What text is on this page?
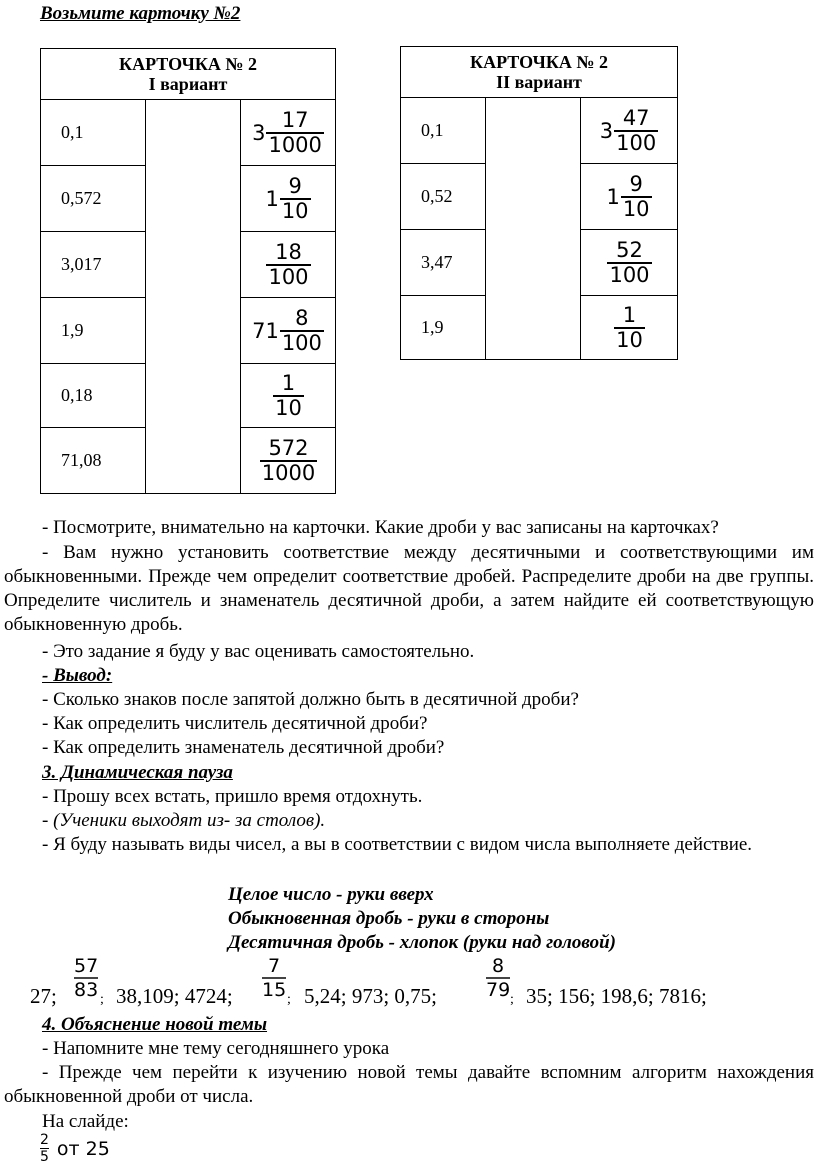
Возьмите карточку №2
КАРТОЧКА № 2
I вариант		

0,1		$3 \frac{17}{1000}$

0,572		$1 \frac{9}{10}$

3,017		$\frac{18}{100}$

1,9		$71 \frac{8}{100}$

0,18		$\frac{1}{10}$

71,08		$\frac{572}{1000}$
КАРТОЧКА № 2
II вариант		

0,1		$3 \frac{47}{100}$

0,52		$1 \frac{9}{10}$

3,47		$\frac{52}{100}$

1,9		$\frac{1}{10}$
- Посмотрите, внимательно на карточки. Какие дроби у вас записаны на карточках?
- Вам нужно установить соответствие между десятичными и соответствующими им обыкновенными. Прежде чем определит соответствие дробей. Распределите дроби на две группы. Определите числитель и знаменатель десятичной дроби, а затем найдите ей соответствующую обыкновенную дробь.
- Это задание я буду у вас оценивать самостоятельно.
- Вывод:
- Сколько знаков после запятой должно быть в десятичной дроби?
- Как определить числитель десятичной дроби?
- Как определить знаменатель десятичной дроби?
3. Динамическая пауза
- Прошу всех встать, пришло время отдохнуть.
- (Ученики выходят из- за столов).
- Я буду называть виды чисел, а вы в соответствии с видом числа выполняете действие.
Целое число - руки вверх
Обыкновенная дробь - руки в стороны
Десятичная дробь - хлопок (руки над головой)
27;
57
83 ; 38,109; 4724;
7
15 ; 5,24; 973; 0,75;
8
79 ; 35; 156; 198,6; 7816;
4. Объяснение новой темы
- Напомните мне тему сегодняшнего урока
- Прежде чем перейти к изучению новой темы давайте вспомним алгоритм нахождения обыкновенной дроби от числа.
На слайде:
2
5 от 25
